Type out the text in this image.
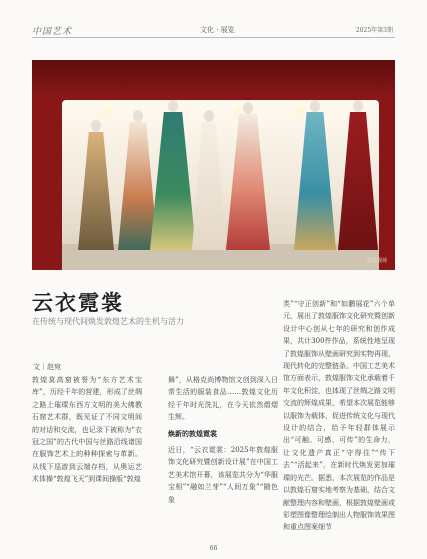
中国艺术	文化 · 展览	2025年第3期
展览现场
云衣霓裳
在传统与现代间焕发敦煌艺术的生机与活力
文｜赵宛

敦煌莫高窟被誉为“东方艺术宝库”，历经千年的营建，形成了丝绸之路上璀璨东西方文明的美大佛教石窟艺术群，既见证了不同文明间的对话和交流，也记录下被称为“衣冠之国”的古代中国与丝路沿线诸国在服饰艺术上的种种探索与革新。从线下巡游到云端存档，从奥运艺术体操“敦煌飞天”到课间操版“敦煌

舞”，从格克尚博物馆文创到深入日常生活的服装食品……敦煌文化历经千年时光洗礼，在今天依然熠熠生辉。

焕新的敦煌霓裳

近日，“云衣霓裳：2025年敦煌服饰文化研究暨创新设计展”在中国工艺美术馆开幕，该展览共分为“华服宝相”“融如兰芽”“人间万象”“随色象

类”“守正创新”和“如鹏展花”六个单元，展出了敦煌服饰文化研究暨创新设计中心创从七年的研究和创作成果，共计300件作品，系统性地呈现了敦煌服饰从壁画研究到实物再现、现代转化的完整链条。中国工艺美术馆方面表示，敦煌服饰文化承载着千年文化积淀，也体现了丝绸之路文明交流的辉煌成果，希望本次展览能够以服饰为载体，促进传统文化与现代设计的结合，给予年轻群体展示出“可触、可感、可传”的生命力，让文化遗产真正“守得住”“传下去”“活起来”，在新时代焕发更加璀璨的光芒。据悉，本次展览的作品是以敦煌石窟实地考察为基础，结合文献整理内容和壁画，根据敦煌壁画或彩塑图像整理绘制出人物服饰效果图和重点图案细节

66
